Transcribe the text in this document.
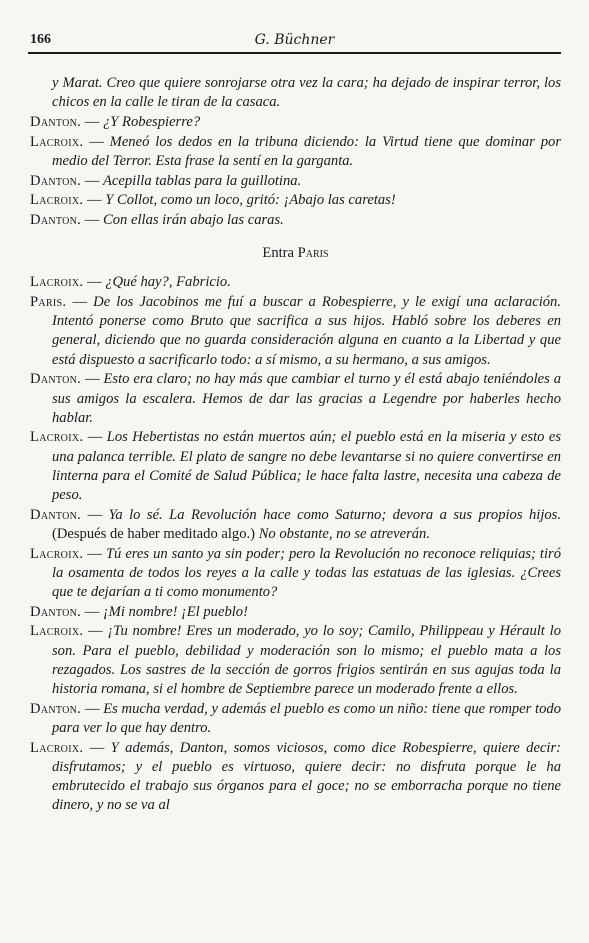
166	G. Büchner

y Marat. Creo que quiere sonrojarse otra vez la cara; ha dejado de inspirar terror, los chicos en la calle le tiran de la casaca.

Danton. — ¿Y Robespierre?

Lacroix. — Meneó los dedos en la tribuna diciendo: la Virtud tiene que dominar por medio del Terror. Esta frase la sentí en la garganta.

Danton. — Acepilla tablas para la guillotina.

Lacroix. — Y Collot, como un loco, gritó: ¡Abajo las caretas!

Danton. — Con ellas irán abajo las caras.

Entra Paris

Lacroix. — ¿Qué hay?, Fabricio.

Paris. — De los Jacobinos me fuí a buscar a Robespierre, y le exigí una aclaración. Intentó ponerse como Bruto que sacrifica a sus hijos. Habló sobre los deberes en general, diciendo que no guarda consideración alguna en cuanto a la Libertad y que está dispuesto a sacrificarlo todo: a sí mismo, a su hermano, a sus amigos.

Danton. — Esto era claro; no hay más que cambiar el turno y él está abajo teniéndoles a sus amigos la escalera. Hemos de dar las gracias a Legendre por haberles hecho hablar.

Lacroix. — Los Hebertistas no están muertos aún; el pueblo está en la miseria y esto es una palanca terrible. El plato de sangre no debe levantarse si no quiere convertirse en linterna para el Comité de Salud Pública; le hace falta lastre, necesita una cabeza de peso.

Danton. — Ya lo sé. La Revolución hace como Saturno; devora a sus propios hijos. (Después de haber meditado algo.) No obstante, no se atreverán.

Lacroix. — Tú eres un santo ya sin poder; pero la Revolución no reconoce reliquias; tiró la osamenta de todos los reyes a la calle y todas las estatuas de las iglesias. ¿Crees que te dejarían a ti como monumento?

Danton. — ¡Mi nombre! ¡El pueblo!

Lacroix. — ¡Tu nombre! Eres un moderado, yo lo soy; Camilo, Philippeau y Hérault lo son. Para el pueblo, debilidad y moderación son lo mismo; el pueblo mata a los rezagados. Los sastres de la sección de gorros frigios sentirán en sus agujas toda la historia romana, si el hombre de Septiembre parece un moderado frente a ellos.

Danton. — Es mucha verdad, y además el pueblo es como un niño: tiene que romper todo para ver lo que hay dentro.

Lacroix. — Y además, Danton, somos viciosos, como dice Robespierre, quiere decir: disfrutamos; y el pueblo es virtuoso, quiere decir: no disfruta porque le ha embrutecido el trabajo sus órganos para el goce; no se emborracha porque no tiene dinero, y no se va al
